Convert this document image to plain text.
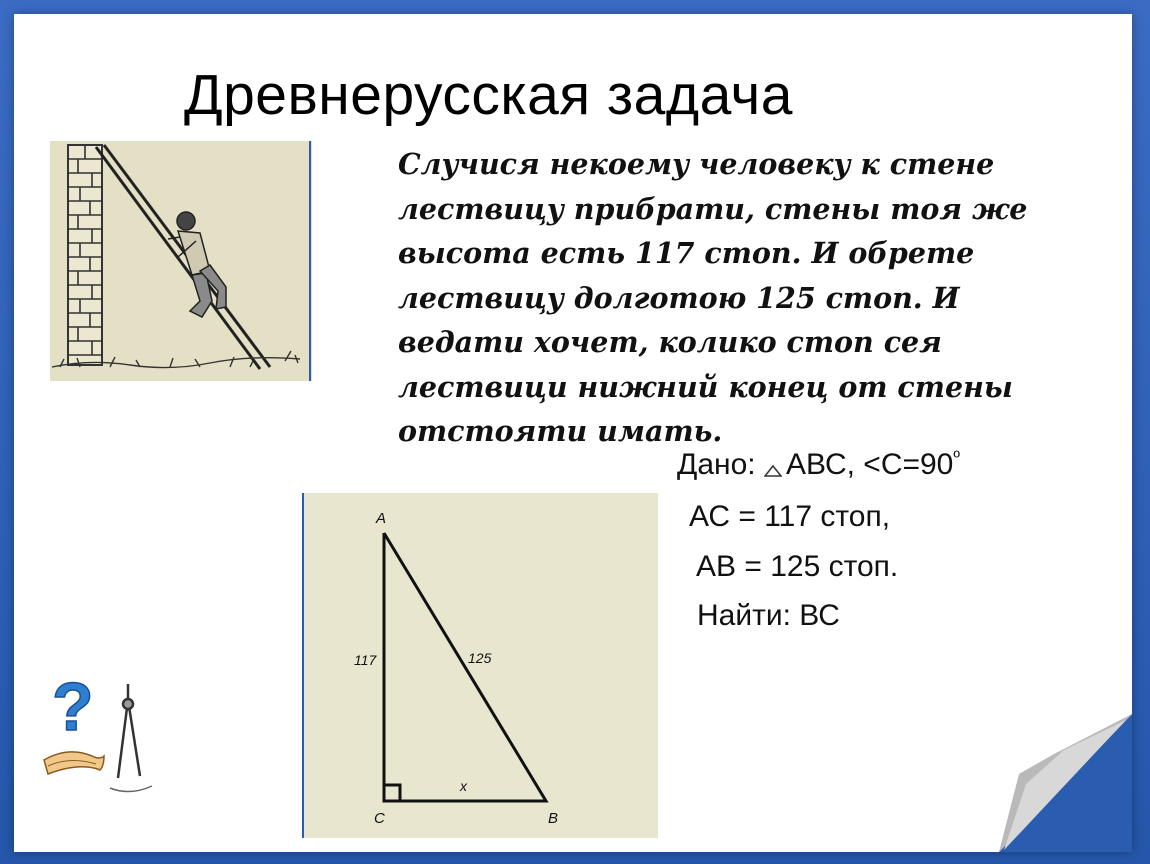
Древнерусская задача
Случися некоему человеку к стене лествицу прибрати, стены тоя же высота есть 117 стоп. И обрете лествицу долготою 125 стоп. И ведати хочет, колико стоп сея лествици нижний конец от стены отстояти имать.
Дано: АВС, $<С=90^º$
АС = 117 стоп,
АВ = 125 стоп.
Найти: ВС
А
В
С
117	125
x
?
